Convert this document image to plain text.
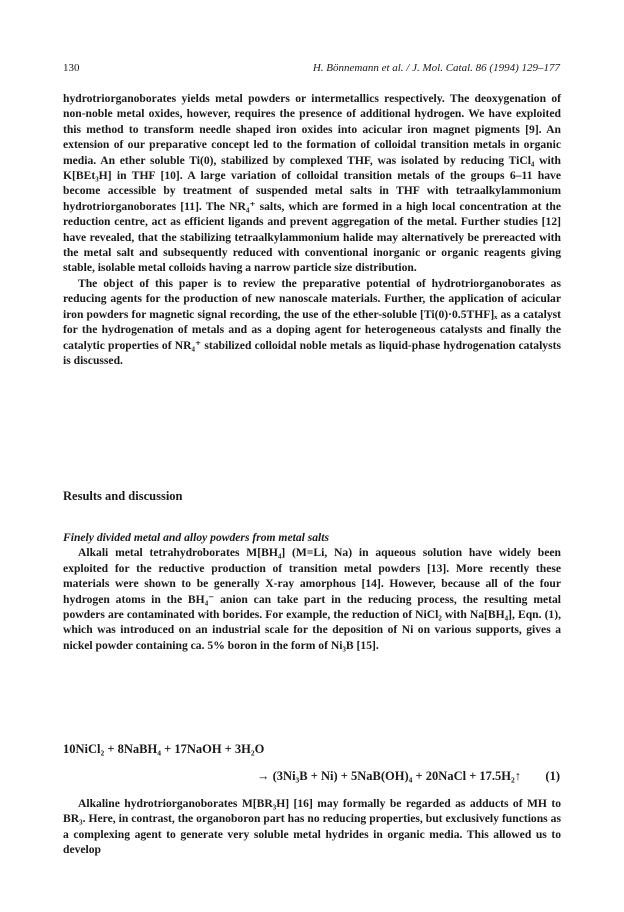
130	H. Bönnemann et al. / J. Mol. Catal. 86 (1994) 129–177

hydrotriorganoborates yields metal powders or intermetallics respectively. The deoxygenation of non-noble metal oxides, however, requires the presence of additional hydrogen. We have exploited this method to transform needle shaped iron oxides into acicular iron magnet pigments [9]. An extension of our preparative concept led to the formation of colloidal transition metals in organic media. An ether soluble Ti(0), stabilized by complexed THF, was isolated by reducing TiCl₄ with K[BEt₃H] in THF [10]. A large variation of colloidal transition metals of the groups 6–11 have become accessible by treatment of suspended metal salts in THF with tetraalkylammonium hydrotriorganoborates [11]. The NR₄⁺ salts, which are formed in a high local concentration at the reduction centre, act as efficient ligands and prevent aggregation of the metal. Further studies [12] have revealed, that the stabilizing tetraalkylammonium halide may alternatively be prereacted with the metal salt and subsequently reduced with conventional inorganic or organic reagents giving stable, isolable metal colloids having a narrow particle size distribution.

The object of this paper is to review the preparative potential of hydrotriorganoborates as reducing agents for the production of new nanoscale materials. Further, the application of acicular iron powders for magnetic signal recording, the use of the ether-soluble [Ti(0)·0.5THF]ₓ as a catalyst for the hydrogenation of metals and as a doping agent for heterogeneous catalysts and finally the catalytic properties of NR₄⁺ stabilized colloidal noble metals as liquid-phase hydrogenation catalysts is discussed.

Results and discussion

Finely divided metal and alloy powders from metal salts

Alkali metal tetrahydroborates M[BH₄] (M=Li, Na) in aqueous solution have widely been exploited for the reductive production of transition metal powders [13]. More recently these materials were shown to be generally X-ray amorphous [14]. However, because all of the four hydrogen atoms in the BH₄⁻ anion can take part in the reducing process, the resulting metal powders are contaminated with borides. For example, the reduction of NiCl₂ with Na[BH₄], Eqn. (1), which was introduced on an industrial scale for the deposition of Ni on various supports, gives a nickel powder containing ca. 5% boron in the form of Ni₃B [15].

10NiCl₂ + 8NaBH₄ + 17NaOH + 3H₂O
→ (3Ni₃B + Ni) + 5NaB(OH)₄ + 20NaCl + 17.5H₂↑ (1)

Alkaline hydrotriorganoborates M[BR₃H] [16] may formally be regarded as adducts of MH to BR₃. Here, in contrast, the organoboron part has no reducing properties, but exclusively functions as a complexing agent to generate very soluble metal hydrides in organic media. This allowed us to develop
